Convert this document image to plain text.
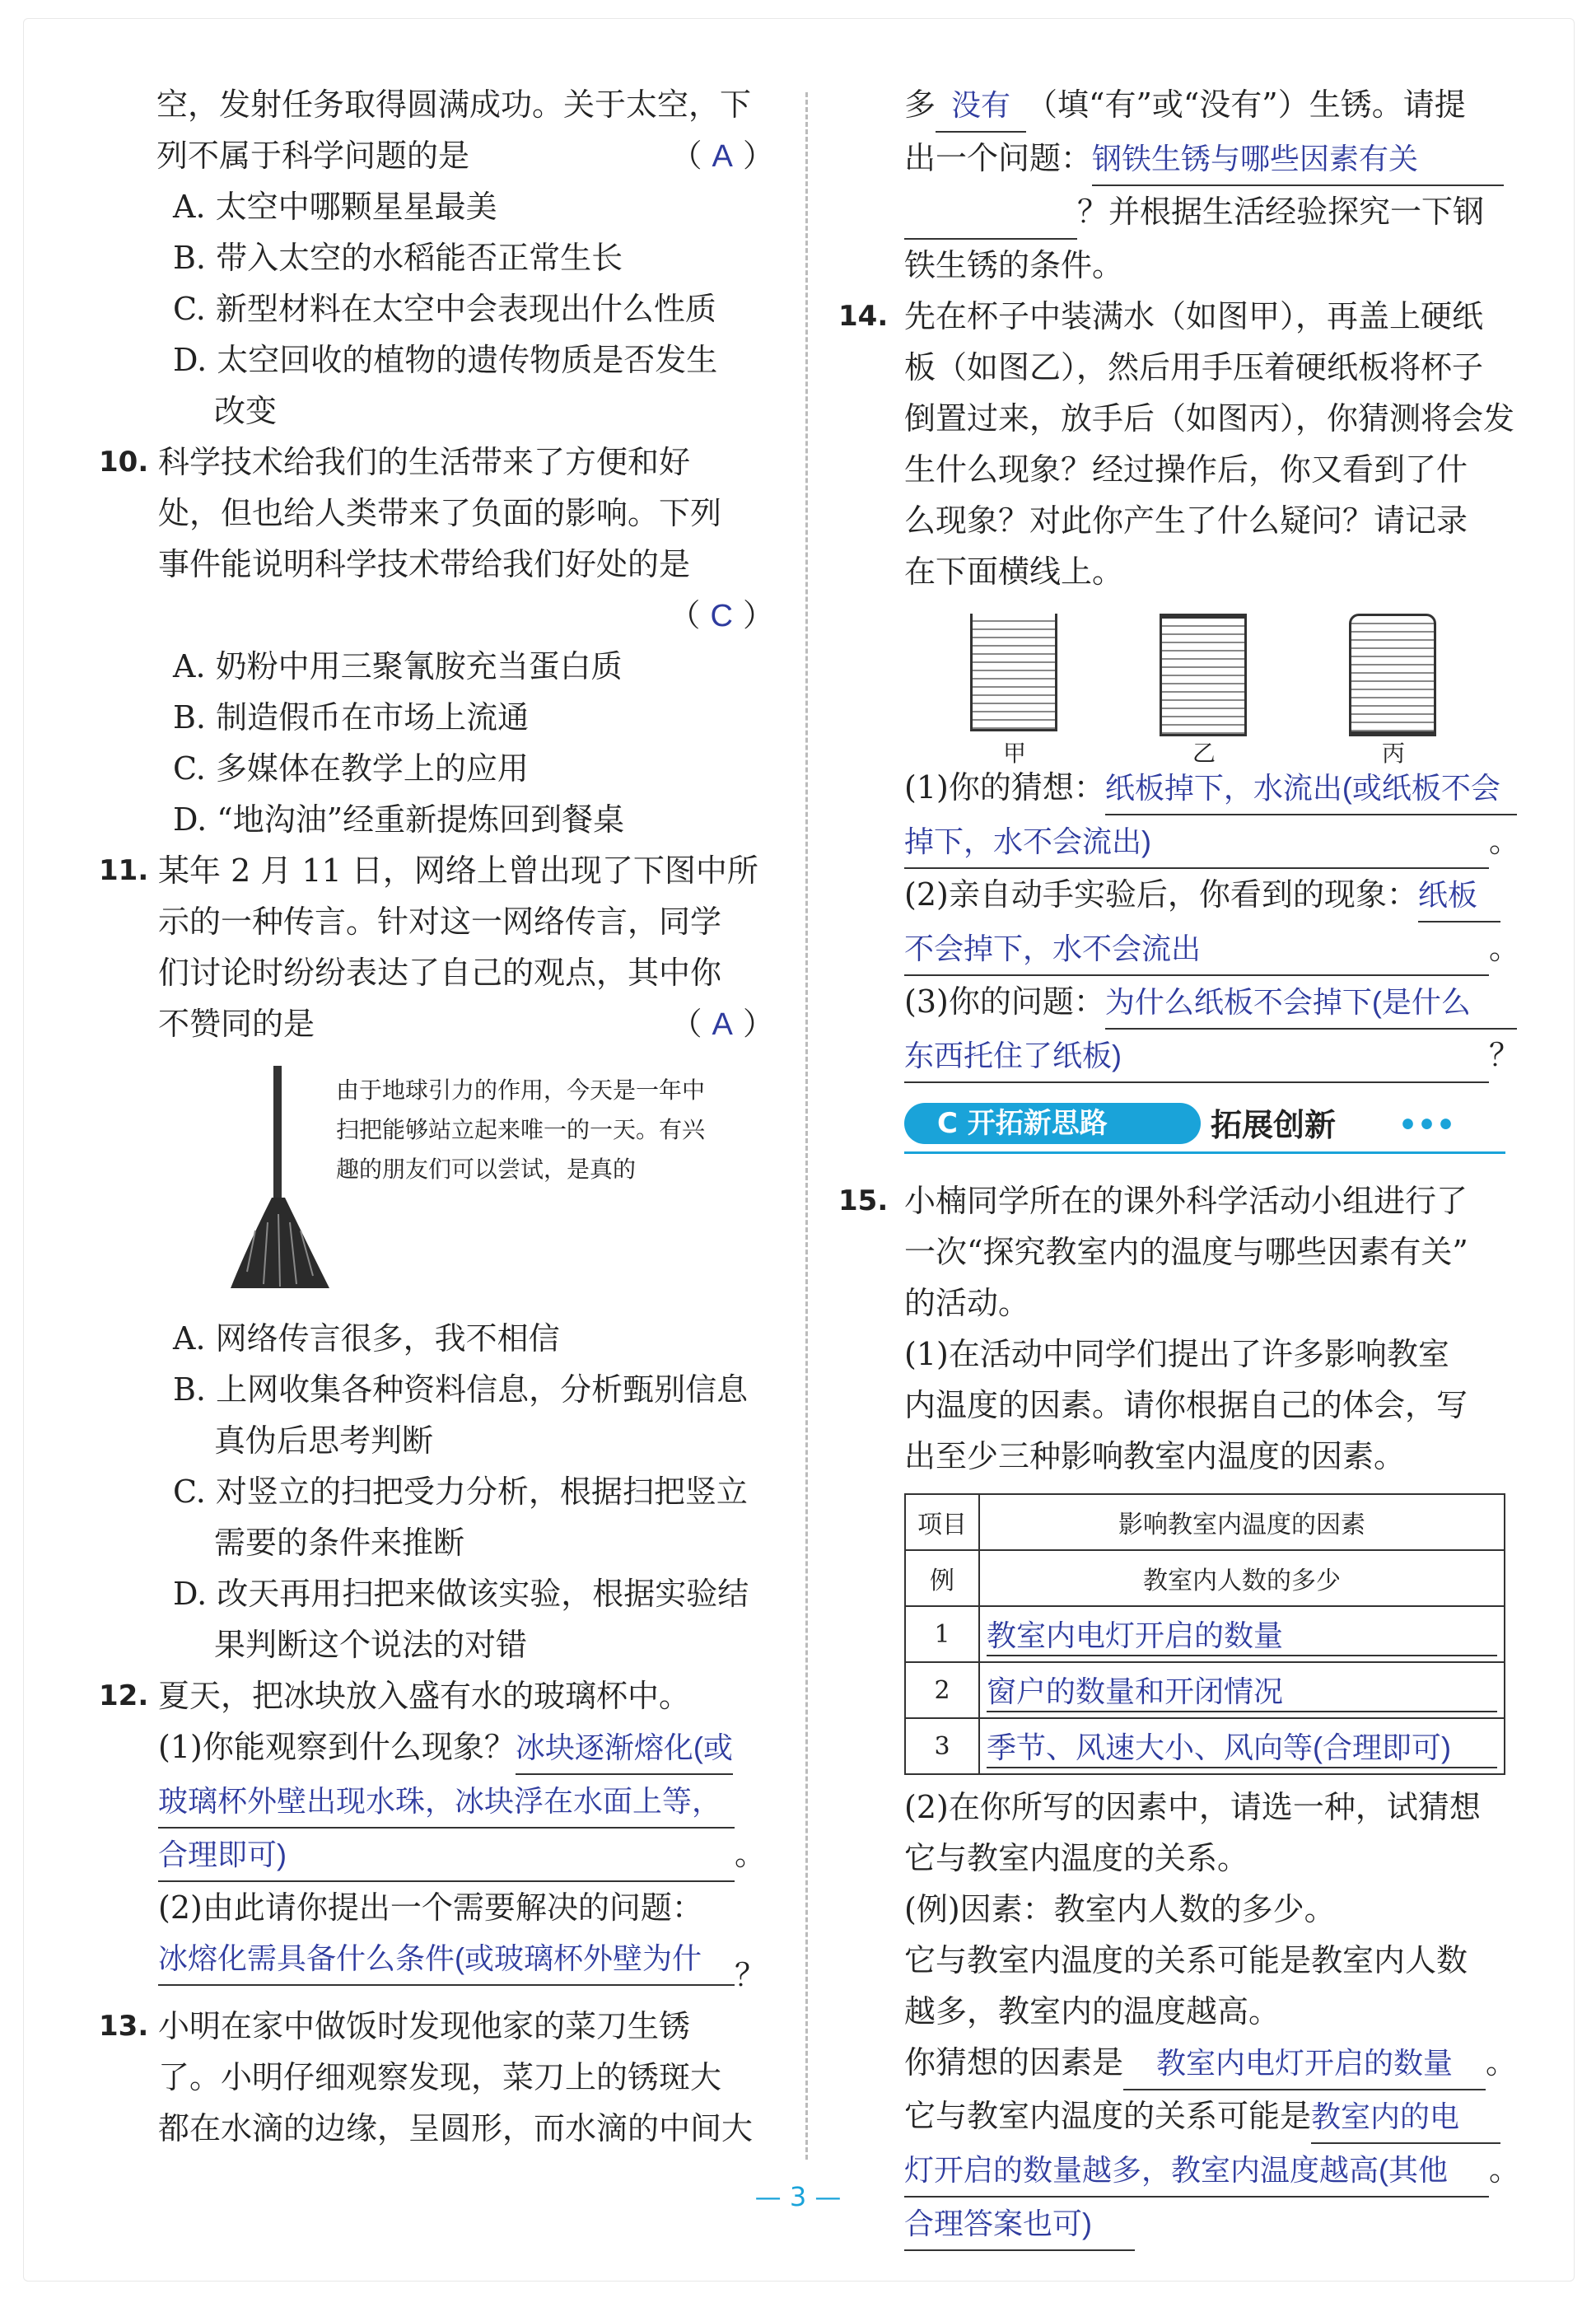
空，发射任务取得圆满成功。关于太空，下

列不属于科学问题的是	（ A ）

A. 太空中哪颗星星最美

B. 带入太空的水稻能否正常生长

C. 新型材料在太空中会表现出什么性质

D. 太空回收的植物的遗传物质是否发生

改变

10. 科学技术给我们的生活带来了方便和好

处，但也给人类带来了负面的影响。下列

事件能说明科学技术带给我们好处的是

（ C ）

A. 奶粉中用三聚氰胺充当蛋白质

B. 制造假币在市场上流通

C. 多媒体在教学上的应用

D. “地沟油”经重新提炼回到餐桌

11. 某年 2 月 11 日，网络上曾出现了下图中所

示的一种传言。针对这一网络传言，同学

们讨论时纷纷表达了自己的观点，其中你

不赞同的是	（ A ）

由于地球引力的作用，今天是一年中扫把能够站立起来唯一的一天。有兴趣的朋友们可以尝试，是真的

A. 网络传言很多，我不相信

B. 上网收集各种资料信息，分析甄别信息

真伪后思考判断

C. 对竖立的扫把受力分析，根据扫把竖立

需要的条件来推断

D. 改天再用扫把来做该实验，根据实验结

果判断这个说法的对错

12. 夏天，把冰块放入盛有水的玻璃杯中。

(1)你能观察到什么现象？冰块逐渐熔化(或

玻璃杯外壁出现水珠，冰块浮在水面上等，

合理即可)	。

(2)由此请你提出一个需要解决的问题：

冰熔化需具备什么条件(或玻璃杯外壁为什 ？

13. 小明在家中做饭时发现他家的菜刀生锈

了。小明仔细观察发现，菜刀上的锈斑大

都在水滴的边缘，呈圆形，而水滴的中间大

多 没有 （填“有”或“没有”）生锈。请提

出一个问题：钢铁生锈与哪些因素有关

？并根据生活经验探究一下钢

铁生锈的条件。

14. 先在杯子中装满水（如图甲），再盖上硬纸

板（如图乙），然后用手压着硬纸板将杯子

倒置过来，放手后（如图丙），你猜测将会发

生什么现象？经过操作后，你又看到了什

么现象？对此你产生了什么疑问？请记录

在下面横线上。

甲	乙	丙

(1)你的猜想：纸板掉下，水流出(或纸板不会

掉下，水不会流出)	。

(2)亲自动手实验后，你看到的现象：纸板

不会掉下，水不会流出	。

(3)你的问题：为什么纸板不会掉下(是什么

东西托住了纸板)	？

C 开拓新思路	拓展创新 •••

15. 小楠同学所在的课外科学活动小组进行了

一次“探究教室内的温度与哪些因素有关”

的活动。

(1)在活动中同学们提出了许多影响教室

内温度的因素。请你根据自己的体会，写

出至少三种影响教室内温度的因素。

项目	影响教室内温度的因素
例	教室内人数的多少
1	教室内电灯开启的数量
2	窗户的数量和开闭情况
3	季节、风速大小、风向等(合理即可)

(2)在你所写的因素中，请选一种，试猜想

它与教室内温度的关系。

(例)因素：教室内人数的多少。

它与教室内温度的关系可能是教室内人数

越多，教室内的温度越高。

你猜想的因素是 教室内电灯开启的数量 。

它与教室内温度的关系可能是教室内的电

灯开启的数量越多，教室内温度越高(其他 。

合理答案也可)

— 3 —
